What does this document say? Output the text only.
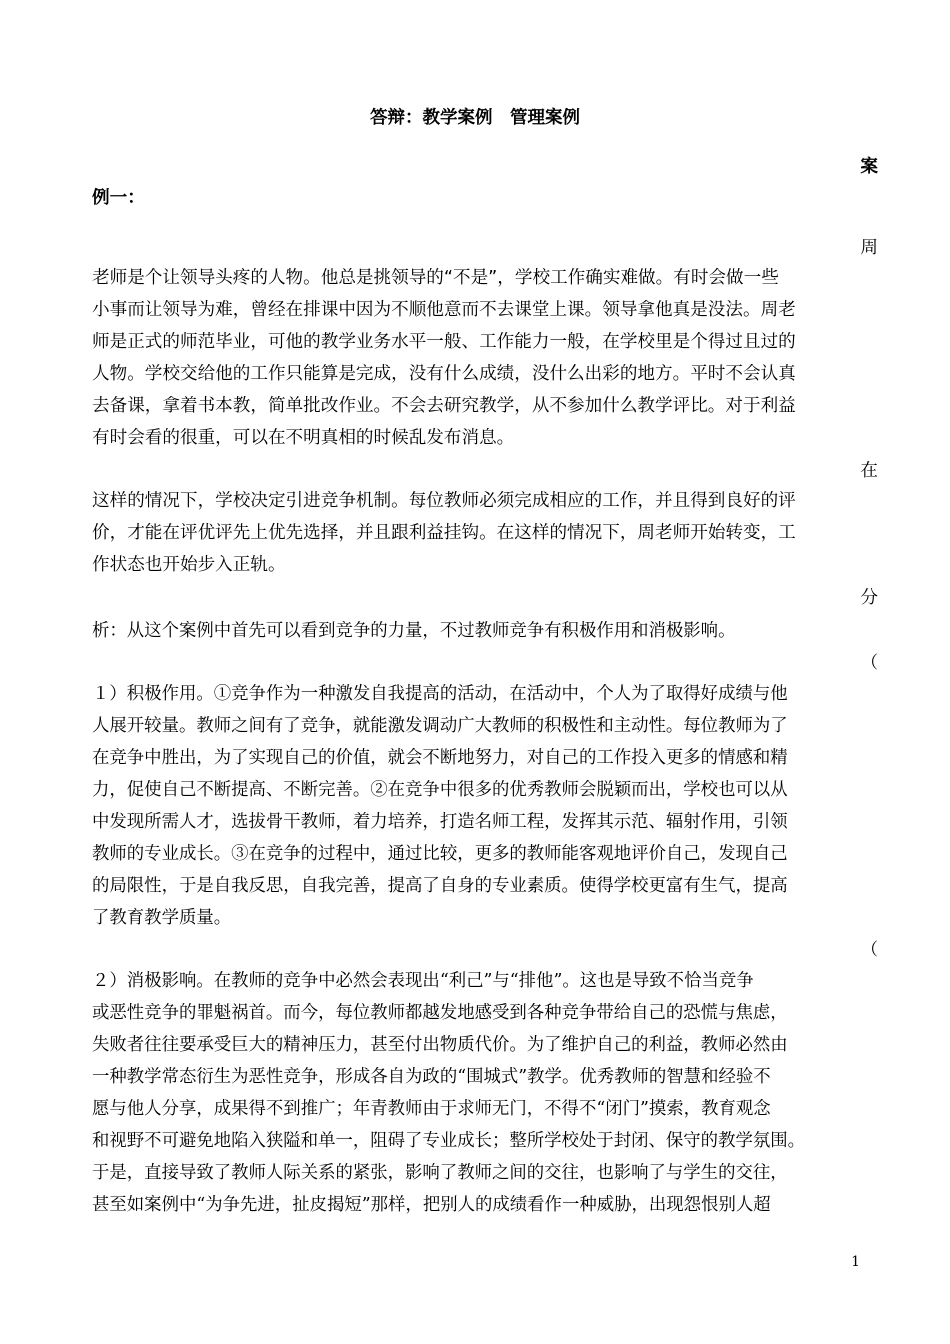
答辩：教学案例　管理案例
案
例一：
周
老师是个让领导头疼的人物。他总是挑领导的“不是”，学校工作确实难做。有时会做一些
小事而让领导为难，曾经在排课中因为不顺他意而不去课堂上课。领导拿他真是没法。周老
师是正式的师范毕业，可他的教学业务水平一般、工作能力一般，在学校里是个得过且过的
人物。学校交给他的工作只能算是完成，没有什么成绩，没什么出彩的地方。平时不会认真
去备课，拿着书本教，简单批改作业。不会去研究教学，从不参加什么教学评比。对于利益
有时会看的很重，可以在不明真相的时候乱发布消息。
在
这样的情况下，学校决定引进竞争机制。每位教师必须完成相应的工作，并且得到良好的评
价，才能在评优评先上优先选择，并且跟利益挂钩。在这样的情况下，周老师开始转变，工
作状态也开始步入正轨。
分
析：从这个案例中首先可以看到竞争的力量，不过教师竞争有积极作用和消极影响。
（
１）积极作用。①竞争作为一种激发自我提高的活动，在活动中，个人为了取得好成绩与他
人展开较量。教师之间有了竞争，就能激发调动广大教师的积极性和主动性。每位教师为了
在竞争中胜出，为了实现自己的价值，就会不断地努力，对自己的工作投入更多的情感和精
力，促使自己不断提高、不断完善。②在竞争中很多的优秀教师会脱颖而出，学校也可以从
中发现所需人才，选拔骨干教师，着力培养，打造名师工程，发挥其示范、辐射作用，引领
教师的专业成长。③在竞争的过程中，通过比较，更多的教师能客观地评价自己，发现自己
的局限性，于是自我反思，自我完善，提高了自身的专业素质。使得学校更富有生气，提高
了教育教学质量。
（
２）消极影响。在教师的竞争中必然会表现出“利己”与“排他”。这也是导致不恰当竞争
或恶性竞争的罪魁祸首。而今，每位教师都越发地感受到各种竞争带给自己的恐慌与焦虑，
失败者往往要承受巨大的精神压力，甚至付出物质代价。为了维护自己的利益，教师必然由
一种教学常态衍生为恶性竞争，形成各自为政的“围城式”教学。优秀教师的智慧和经验不
愿与他人分享，成果得不到推广；年青教师由于求师无门，不得不“闭门”摸索，教育观念
和视野不可避免地陷入狭隘和单一，阻碍了专业成长；整所学校处于封闭、保守的教学氛围。
于是，直接导致了教师人际关系的紧张，影响了教师之间的交往，也影响了与学生的交往，
甚至如案例中“为争先进，扯皮揭短”那样，把别人的成绩看作一种威胁，出现怨恨别人超
1
